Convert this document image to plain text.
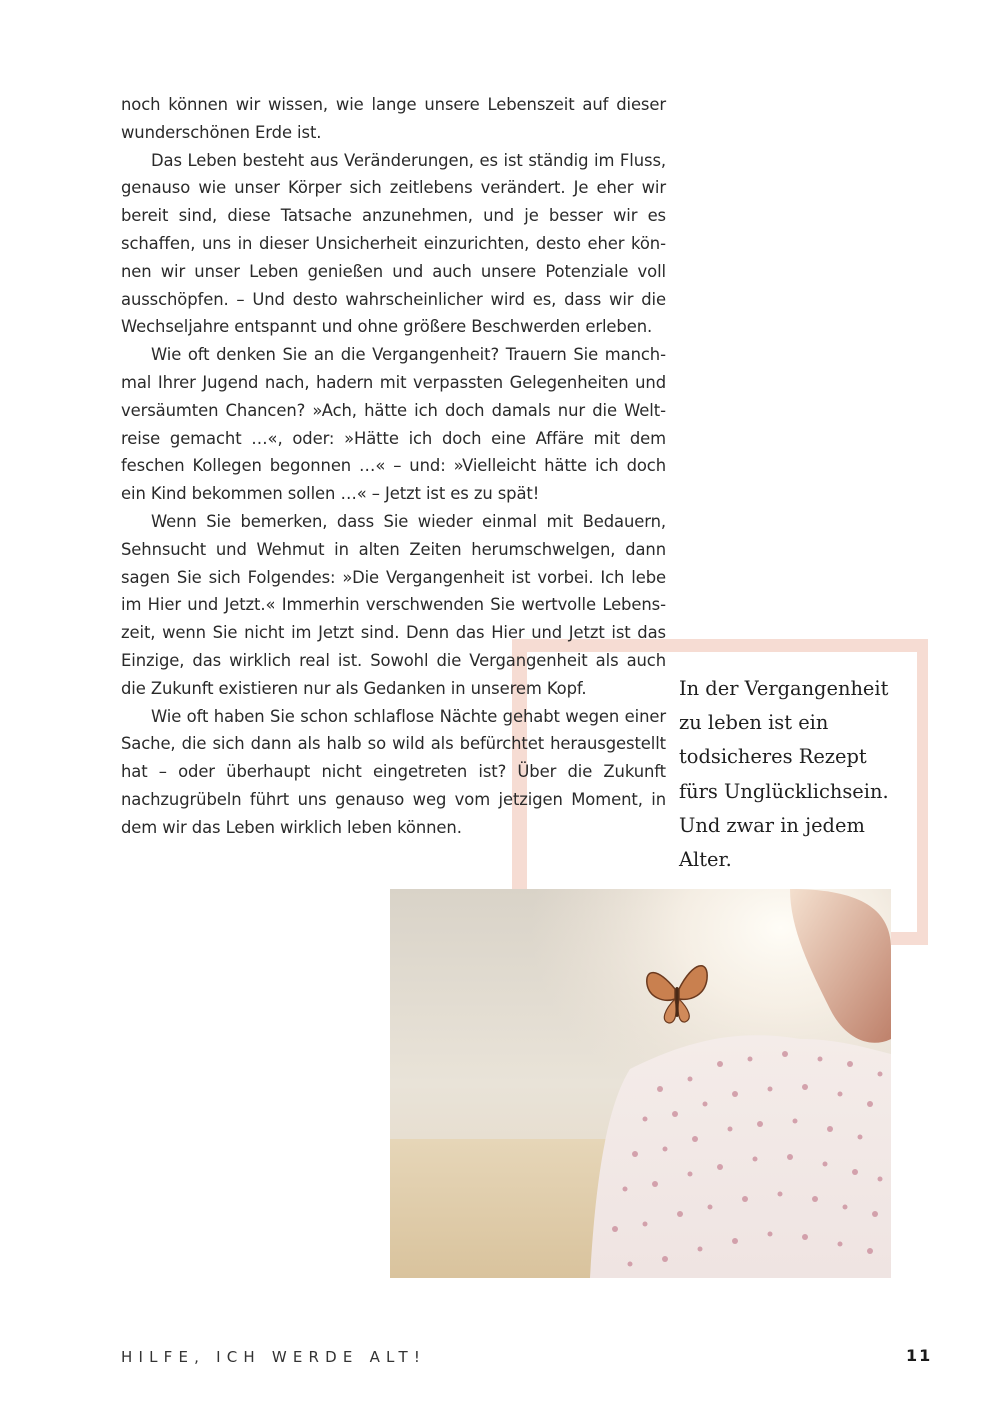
noch können wir wissen, wie lange unsere Lebenszeit auf dieser wunderschönen Erde ist.

Das Leben besteht aus Veränderungen, es ist ständig im Fluss, genauso wie unser Körper sich zeitlebens verändert. Je eher wir bereit sind, diese Tatsache anzunehmen, und je besser wir es schaffen, uns in dieser Unsicherheit einzurichten, desto eher können wir unser Leben genießen und auch unsere Potenziale voll ausschöpfen. – Und desto wahrscheinlicher wird es, dass wir die Wechseljahre entspannt und ohne größere Beschwerden erleben.

Wie oft denken Sie an die Vergangenheit? Trauern Sie manchmal Ihrer Jugend nach, hadern mit verpassten Gelegenheiten und versäumten Chancen? »Ach, hätte ich doch damals nur die Weltreise gemacht …«, oder: »Hätte ich doch eine Affäre mit dem feschen Kollegen begonnen …« – und: »Vielleicht hätte ich doch ein Kind bekommen sollen …« – Jetzt ist es zu spät!

Wenn Sie bemerken, dass Sie wieder einmal mit Bedauern, Sehnsucht und Wehmut in alten Zeiten herumschwelgen, dann sagen Sie sich Folgendes: »Die Vergangenheit ist vorbei. Ich lebe im Hier und Jetzt.« Immerhin verschwenden Sie wertvolle Lebenszeit, wenn Sie nicht im Jetzt sind. Denn das Hier und Jetzt ist das Einzige, das wirklich real ist. Sowohl die Vergangenheit als auch die Zukunft existieren nur als Gedanken in unserem Kopf.

Wie oft haben Sie schon schlaflose Nächte gehabt wegen einer Sache, die sich dann als halb so wild als befürchtet herausgestellt hat – oder überhaupt nicht eingetreten ist? Über die Zukunft nachzugrübeln führt uns genauso weg vom jetzigen Moment, in dem wir das Leben wirklich leben können.

In der Vergangenheit zu leben ist ein todsicheres Rezept fürs Unglücklichsein. Und zwar in jedem Alter.
HILFE, ICH WERDE ALT!	11
